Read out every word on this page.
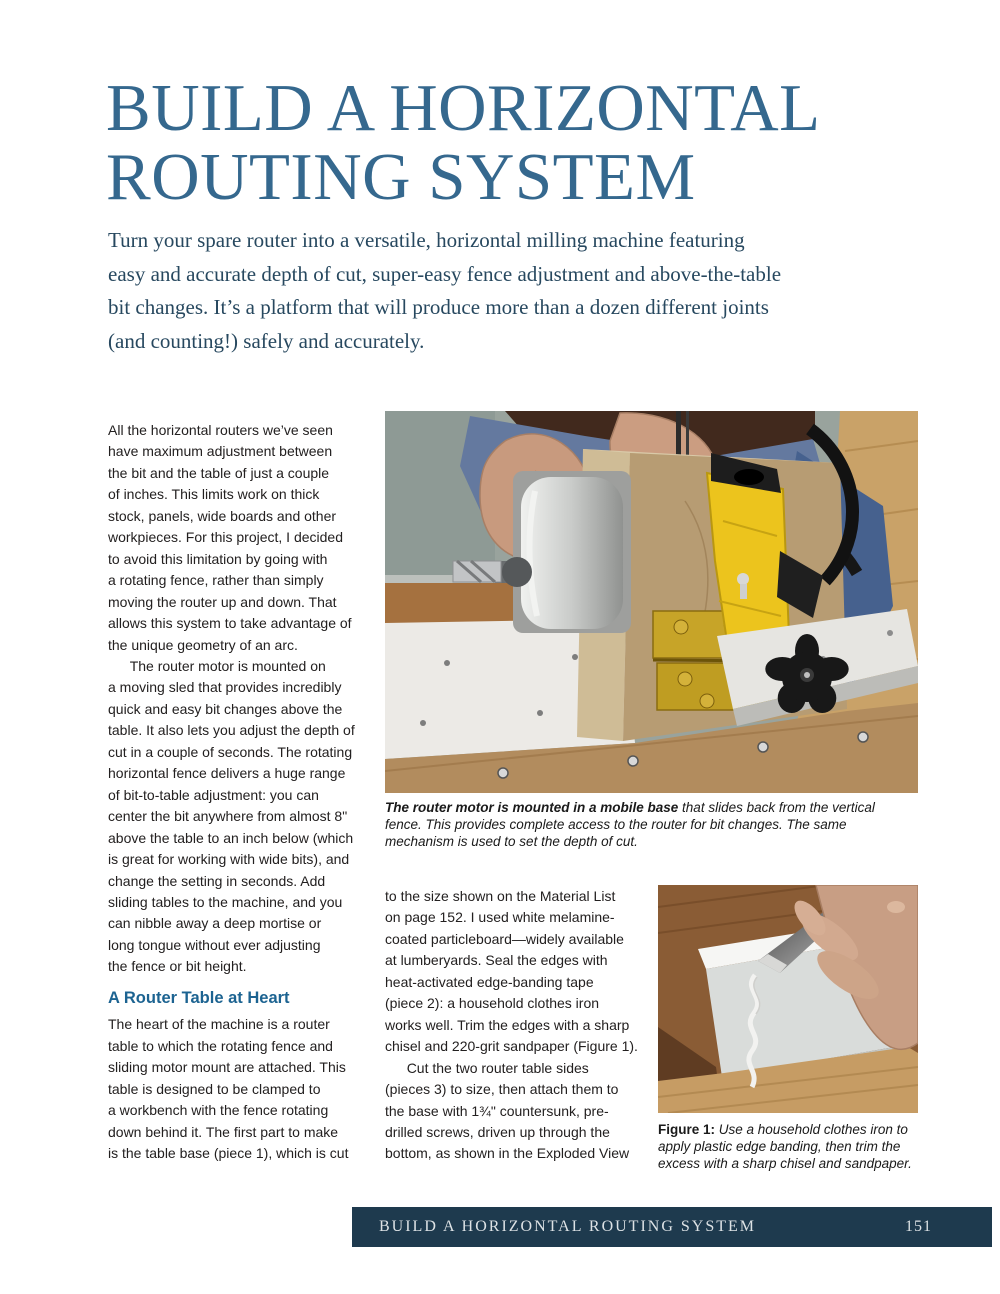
BUILD A HORIZONTAL
ROUTING SYSTEM
Turn your spare router into a versatile, horizontal milling machine featuring
easy and accurate depth of cut, super-easy fence adjustment and above-the-table
bit changes. It’s a platform that will produce more than a dozen different joints
(and counting!) safely and accurately.

All the horizontal routers we’ve seen
have maximum adjustment between
the bit and the table of just a couple
of inches. This limits work on thick
stock, panels, wide boards and other
workpieces. For this project, I decided
to avoid this limitation by going with
a rotating fence, rather than simply
moving the router up and down. That
allows this system to take advantage of
the unique geometry of an arc.

The router motor is mounted on
a moving sled that provides incredibly
quick and easy bit changes above the
table. It also lets you adjust the depth of
cut in a couple of seconds. The rotating
horizontal fence delivers a huge range
of bit-to-table adjustment: you can
center the bit anywhere from almost 8"
above the table to an inch below (which
is great for working with wide bits), and
change the setting in seconds. Add
sliding tables to the machine, and you
can nibble away a deep mortise or
long tongue without ever adjusting
the fence or bit height.

A Router Table at Heart

The heart of the machine is a router
table to which the rotating fence and
sliding motor mount are attached. This
table is designed to be clamped to
a workbench with the fence rotating
down behind it. The first part to make
is the table base (piece 1), which is cut

to the size shown on the Material List
on page 152. I used white melamine-
coated particleboard—widely available
at lumberyards. Seal the edges with
heat-activated edge-banding tape
(piece 2): a household clothes iron
works well. Trim the edges with a sharp
chisel and 220-grit sandpaper (Figure 1).

Cut the two router table sides
(pieces 3) to size, then attach them to
the base with 1¾" countersunk, pre-
drilled screws, driven up through the
bottom, as shown in the Exploded View

The router motor is mounted in a mobile base that slides back from the vertical fence. This provides complete access to the router for bit changes. The same mechanism is used to set the depth of cut.
Figure 1: Use a household clothes iron to apply plastic edge banding, then trim the excess with a sharp chisel and sandpaper.
BUILD A HORIZONTAL ROUTING SYSTEM	151
